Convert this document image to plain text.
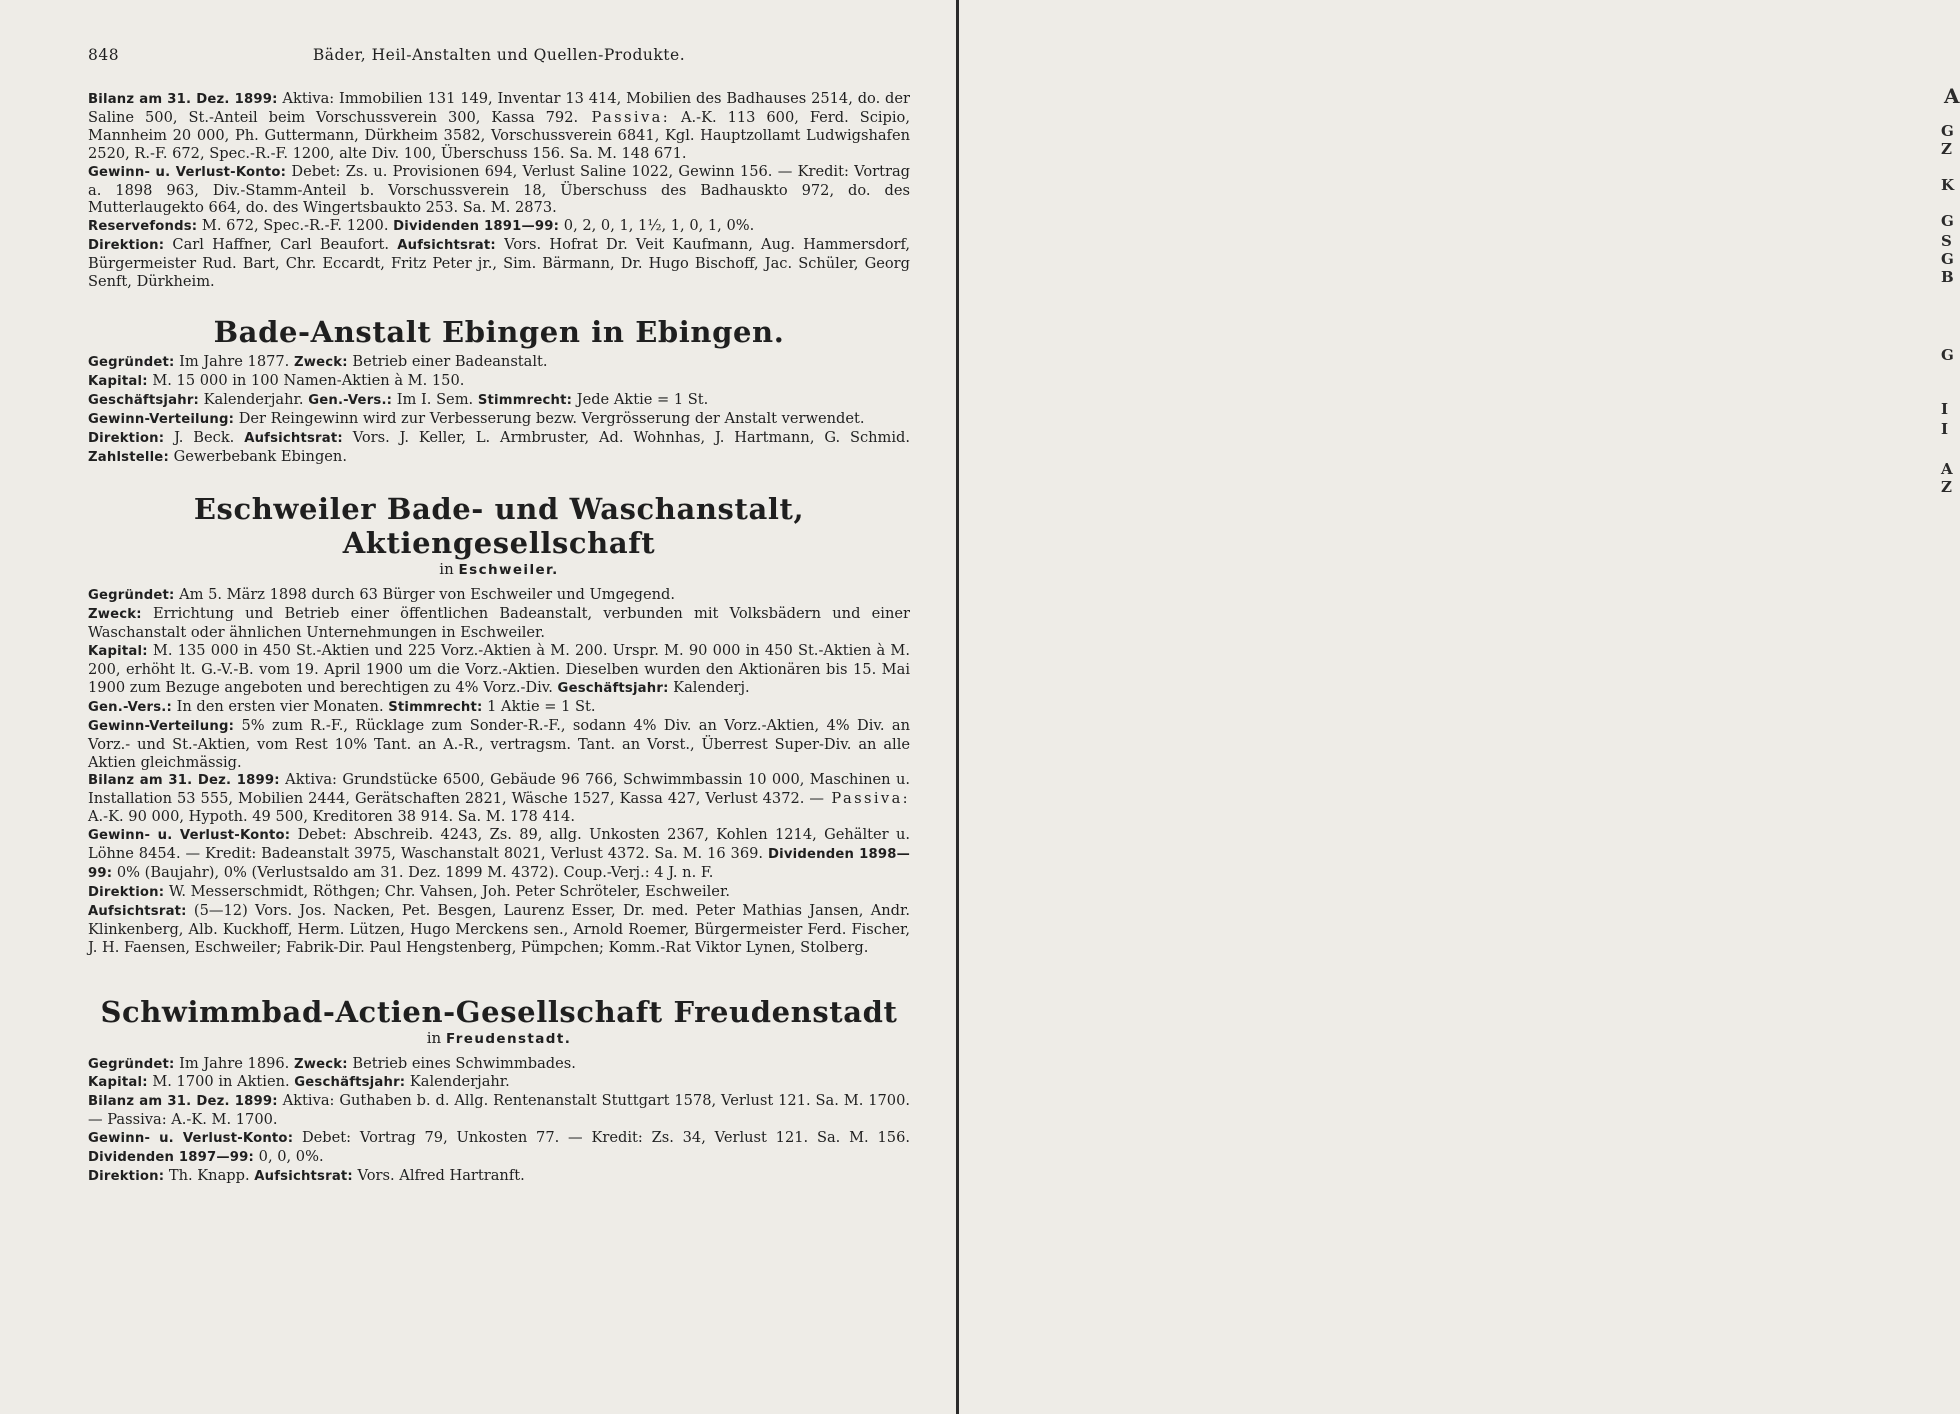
A
G
Z
K
G
S
G
B
G
I
I
A
Z
848	Bäder, Heil-Anstalten und Quellen-Produkte.

Bilanz am 31. Dez. 1899: Aktiva: Immobilien 131 149, Inventar 13 414, Mobilien des Badhauses 2514, do. der Saline 500, St.-Anteil beim Vorschussverein 300, Kassa 792. Passiva: A.-K. 113 600, Ferd. Scipio, Mannheim 20 000, Ph. Guttermann, Dürkheim 3582, Vorschussverein 6841, Kgl. Hauptzollamt Ludwigshafen 2520, R.-F. 672, Spec.-R.-F. 1200, alte Div. 100, Überschuss 156. Sa. M. 148 671.

Gewinn- u. Verlust-Konto: Debet: Zs. u. Provisionen 694, Verlust Saline 1022, Gewinn 156. — Kredit: Vortrag a. 1898 963, Div.-Stamm-Anteil b. Vorschussverein 18, Überschuss des Badhauskto 972, do. des Mutterlaugekto 664, do. des Wingertsbaukto 253. Sa. M. 2873.

Reservefonds: M. 672, Spec.-R.-F. 1200. Dividenden 1891—99: 0, 2, 0, 1, 1½, 1, 0, 1, 0%.

Direktion: Carl Haffner, Carl Beaufort. Aufsichtsrat: Vors. Hofrat Dr. Veit Kaufmann, Aug. Hammersdorf, Bürgermeister Rud. Bart, Chr. Eccardt, Fritz Peter jr., Sim. Bärmann, Dr. Hugo Bischoff, Jac. Schüler, Georg Senft, Dürkheim.

Bade-Anstalt Ebingen in Ebingen.

Gegründet: Im Jahre 1877. Zweck: Betrieb einer Badeanstalt.

Kapital: M. 15 000 in 100 Namen-Aktien à M. 150.

Geschäftsjahr: Kalenderjahr. Gen.-Vers.: Im I. Sem. Stimmrecht: Jede Aktie = 1 St.

Gewinn-Verteilung: Der Reingewinn wird zur Verbesserung bezw. Vergrösserung der Anstalt verwendet.

Direktion: J. Beck. Aufsichtsrat: Vors. J. Keller, L. Armbruster, Ad. Wohnhas, J. Hartmann, G. Schmid. Zahlstelle: Gewerbebank Ebingen.

Eschweiler Bade- und Waschanstalt, Aktiengesellschaft

in Eschweiler.

Gegründet: Am 5. März 1898 durch 63 Bürger von Eschweiler und Umgegend.

Zweck: Errichtung und Betrieb einer öffentlichen Badeanstalt, verbunden mit Volksbädern und einer Waschanstalt oder ähnlichen Unternehmungen in Eschweiler.

Kapital: M. 135 000 in 450 St.-Aktien und 225 Vorz.-Aktien à M. 200. Urspr. M. 90 000 in 450 St.-Aktien à M. 200, erhöht lt. G.-V.-B. vom 19. April 1900 um die Vorz.-Aktien. Dieselben wurden den Aktionären bis 15. Mai 1900 zum Bezuge angeboten und berechtigen zu 4% Vorz.-Div. Geschäftsjahr: Kalenderj.

Gen.-Vers.: In den ersten vier Monaten. Stimmrecht: 1 Aktie = 1 St.

Gewinn-Verteilung: 5% zum R.-F., Rücklage zum Sonder-R.-F., sodann 4% Div. an Vorz.-Aktien, 4% Div. an Vorz.- und St.-Aktien, vom Rest 10% Tant. an A.-R., vertragsm. Tant. an Vorst., Überrest Super-Div. an alle Aktien gleichmässig.

Bilanz am 31. Dez. 1899: Aktiva: Grundstücke 6500, Gebäude 96 766, Schwimmbassin 10 000, Maschinen u. Installation 53 555, Mobilien 2444, Gerätschaften 2821, Wäsche 1527, Kassa 427, Verlust 4372. — Passiva: A.-K. 90 000, Hypoth. 49 500, Kreditoren 38 914. Sa. M. 178 414.

Gewinn- u. Verlust-Konto: Debet: Abschreib. 4243, Zs. 89, allg. Unkosten 2367, Kohlen 1214, Gehälter u. Löhne 8454. — Kredit: Badeanstalt 3975, Waschanstalt 8021, Verlust 4372. Sa. M. 16 369. Dividenden 1898—99: 0% (Baujahr), 0% (Verlustsaldo am 31. Dez. 1899 M. 4372). Coup.-Verj.: 4 J. n. F.

Direktion: W. Messerschmidt, Röthgen; Chr. Vahsen, Joh. Peter Schröteler, Eschweiler.

Aufsichtsrat: (5—12) Vors. Jos. Nacken, Pet. Besgen, Laurenz Esser, Dr. med. Peter Mathias Jansen, Andr. Klinkenberg, Alb. Kuckhoff, Herm. Lützen, Hugo Merckens sen., Arnold Roemer, Bürgermeister Ferd. Fischer, J. H. Faensen, Eschweiler; Fabrik-Dir. Paul Hengstenberg, Pümpchen; Komm.-Rat Viktor Lynen, Stolberg.

Schwimmbad-Actien-Gesellschaft Freudenstadt

in Freudenstadt.

Gegründet: Im Jahre 1896. Zweck: Betrieb eines Schwimmbades.

Kapital: M. 1700 in Aktien. Geschäftsjahr: Kalenderjahr.

Bilanz am 31. Dez. 1899: Aktiva: Guthaben b. d. Allg. Rentenanstalt Stuttgart 1578, Verlust 121. Sa. M. 1700. — Passiva: A.-K. M. 1700.

Gewinn- u. Verlust-Konto: Debet: Vortrag 79, Unkosten 77. — Kredit: Zs. 34, Verlust 121. Sa. M. 156. Dividenden 1897—99: 0, 0, 0%.

Direktion: Th. Knapp. Aufsichtsrat: Vors. Alfred Hartranft.
